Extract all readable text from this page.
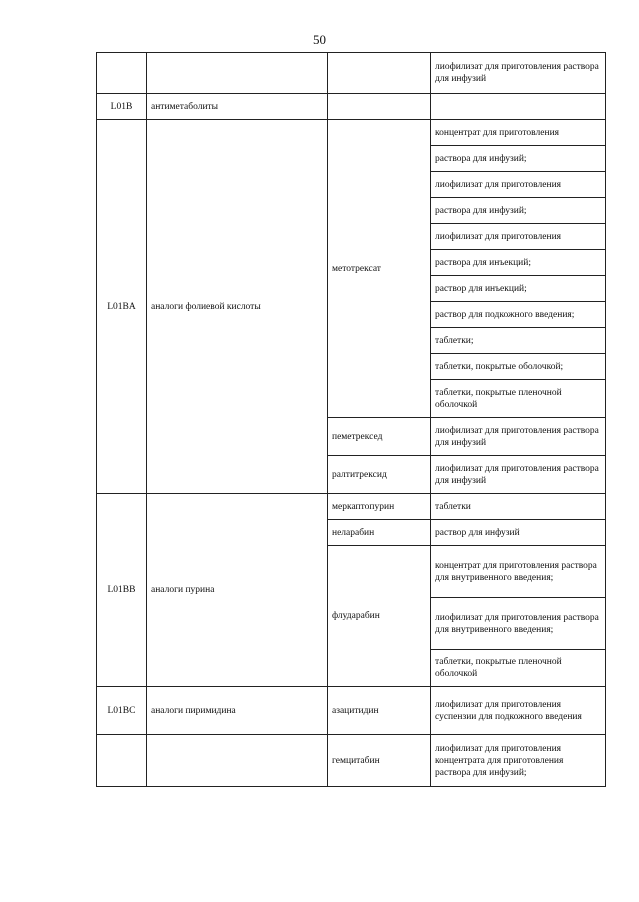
50
			лиофилизат для приготовления раствора для инфузий
L01B	антиметаболиты		
L01BA	аналоги фолиевой кислоты	метотрексат	концентрат для приготовления
			раствора для инфузий;
			лиофилизат для приготовления
			раствора для инфузий;
			лиофилизат для приготовления
			раствора для инъекций;
			раствор для инъекций;
			раствор для подкожного введения;
			таблетки;
			таблетки, покрытые оболочкой;
			таблетки, покрытые пленочной оболочкой
		пеметрексед	лиофилизат для приготовления раствора для инфузий
		ралтитрексид	лиофилизат для приготовления раствора для инфузий
L01BB	аналоги пурина	меркаптопурин	таблетки
		неларабин	раствор для инфузий
		флударабин	концентрат для приготовления раствора для внутривенного введения;
			лиофилизат для приготовления раствора для внутривенного введения;
			таблетки, покрытые пленочной оболочкой
L01BC	аналоги пиримидина	азацитидин	лиофилизат для приготовления суспензии для подкожного введения
		гемцитабин	лиофилизат для приготовления концентрата для приготовления раствора для инфузий;
